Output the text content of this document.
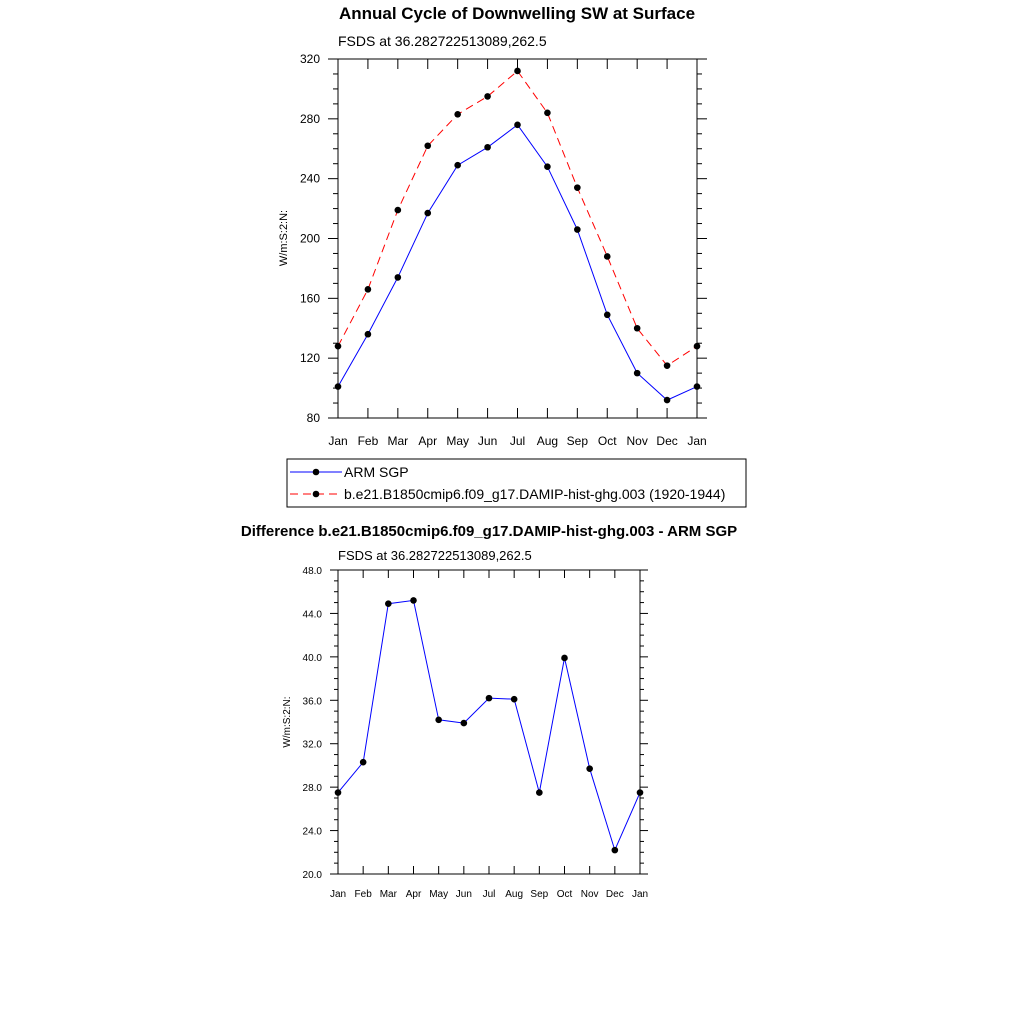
Annual Cycle of Downwelling SW at Surface
FSDS at 36.282722513089,262.5
W/m:S:2:N:
Jan Feb Mar Apr May Jun Jul Aug Sep Oct Nov Dec Jan
80
120
160
200
240
280
320
ARM SGP
b.e21.B1850cmip6.f09_g17.DAMIP-hist-ghg.003 (1920-1944)
Difference b.e21.B1850cmip6.f09_g17.DAMIP-hist-ghg.003 - ARM SGP
FSDS at 36.282722513089,262.5
W/m:S:2:N:
Jan Feb Mar Apr May Jun Jul Aug Sep Oct Nov Dec Jan
20.0
24.0
28.0
32.0
36.0
40.0
44.0
48.0
